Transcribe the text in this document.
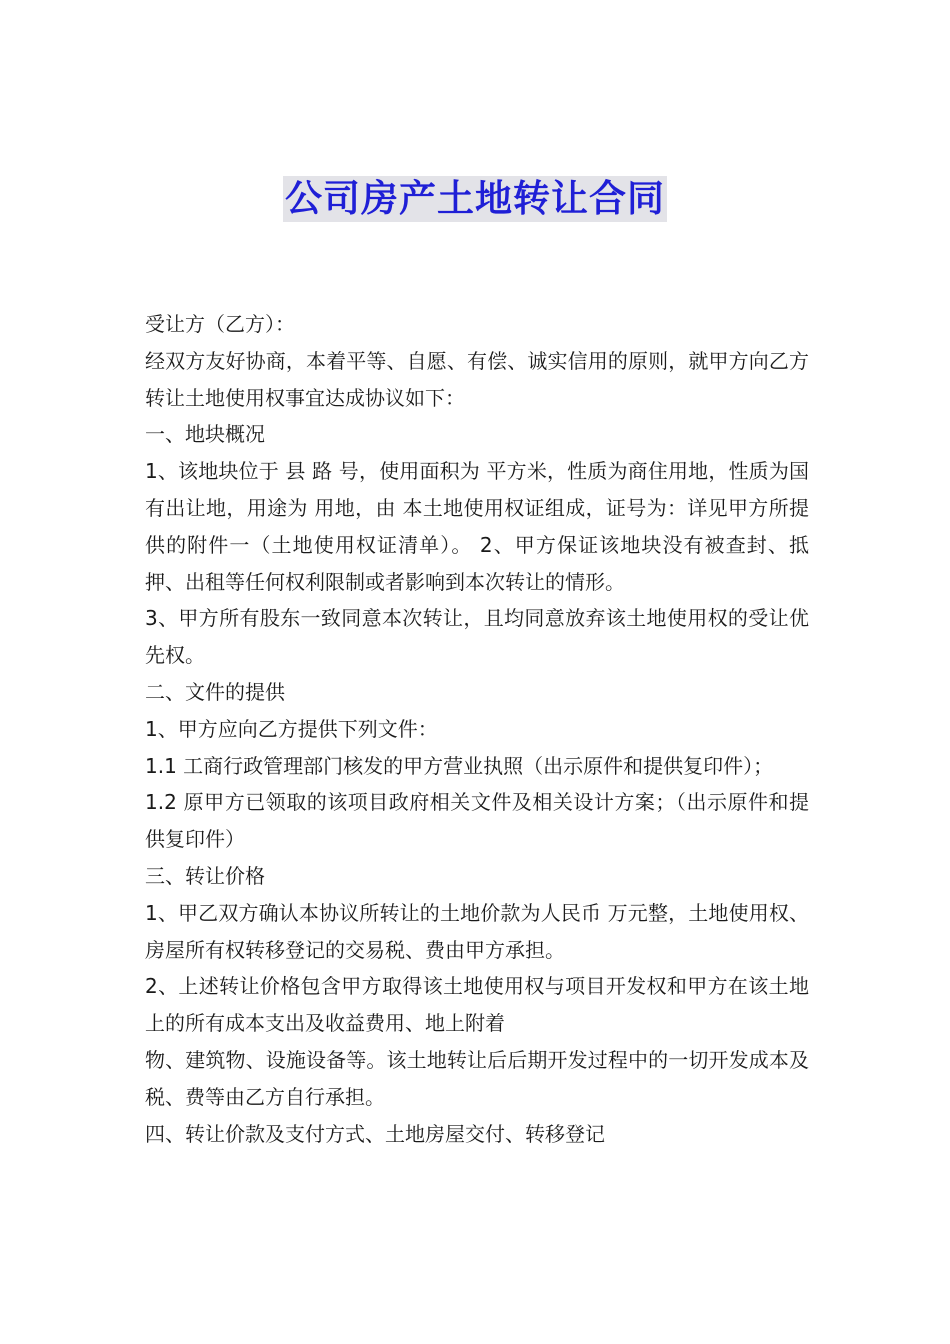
公司房产土地转让合同

受让方（乙方）：

经双方友好协商，本着平等、自愿、有偿、诚实信用的原则，就甲方向乙方转让土地使用权事宜达成协议如下：

一、地块概况

1、该地块位于 县 路 号，使用面积为 平方米，性质为商住用地，性质为国有出让地，用途为 用地，由 本土地使用权证组成，证号为：详见甲方所提供的附件一（土地使用权证清单）。 2、甲方保证该地块没有被查封、抵押、出租等任何权利限制或者影响到本次转让的情形。

3、甲方所有股东一致同意本次转让，且均同意放弃该土地使用权的受让优先权。

二、文件的提供

1、甲方应向乙方提供下列文件：

1.1 工商行政管理部门核发的甲方营业执照（出示原件和提供复印件）；

1.2 原甲方已领取的该项目政府相关文件及相关设计方案；（出示原件和提供复印件）

三、转让价格

1、甲乙双方确认本协议所转让的土地价款为人民币 万元整，土地使用权、房屋所有权转移登记的交易税、费由甲方承担。

2、上述转让价格包含甲方取得该土地使用权与项目开发权和甲方在该土地上的所有成本支出及收益费用、地上附着

物、建筑物、设施设备等。该土地转让后后期开发过程中的一切开发成本及税、费等由乙方自行承担。

四、转让价款及支付方式、土地房屋交付、转移登记
